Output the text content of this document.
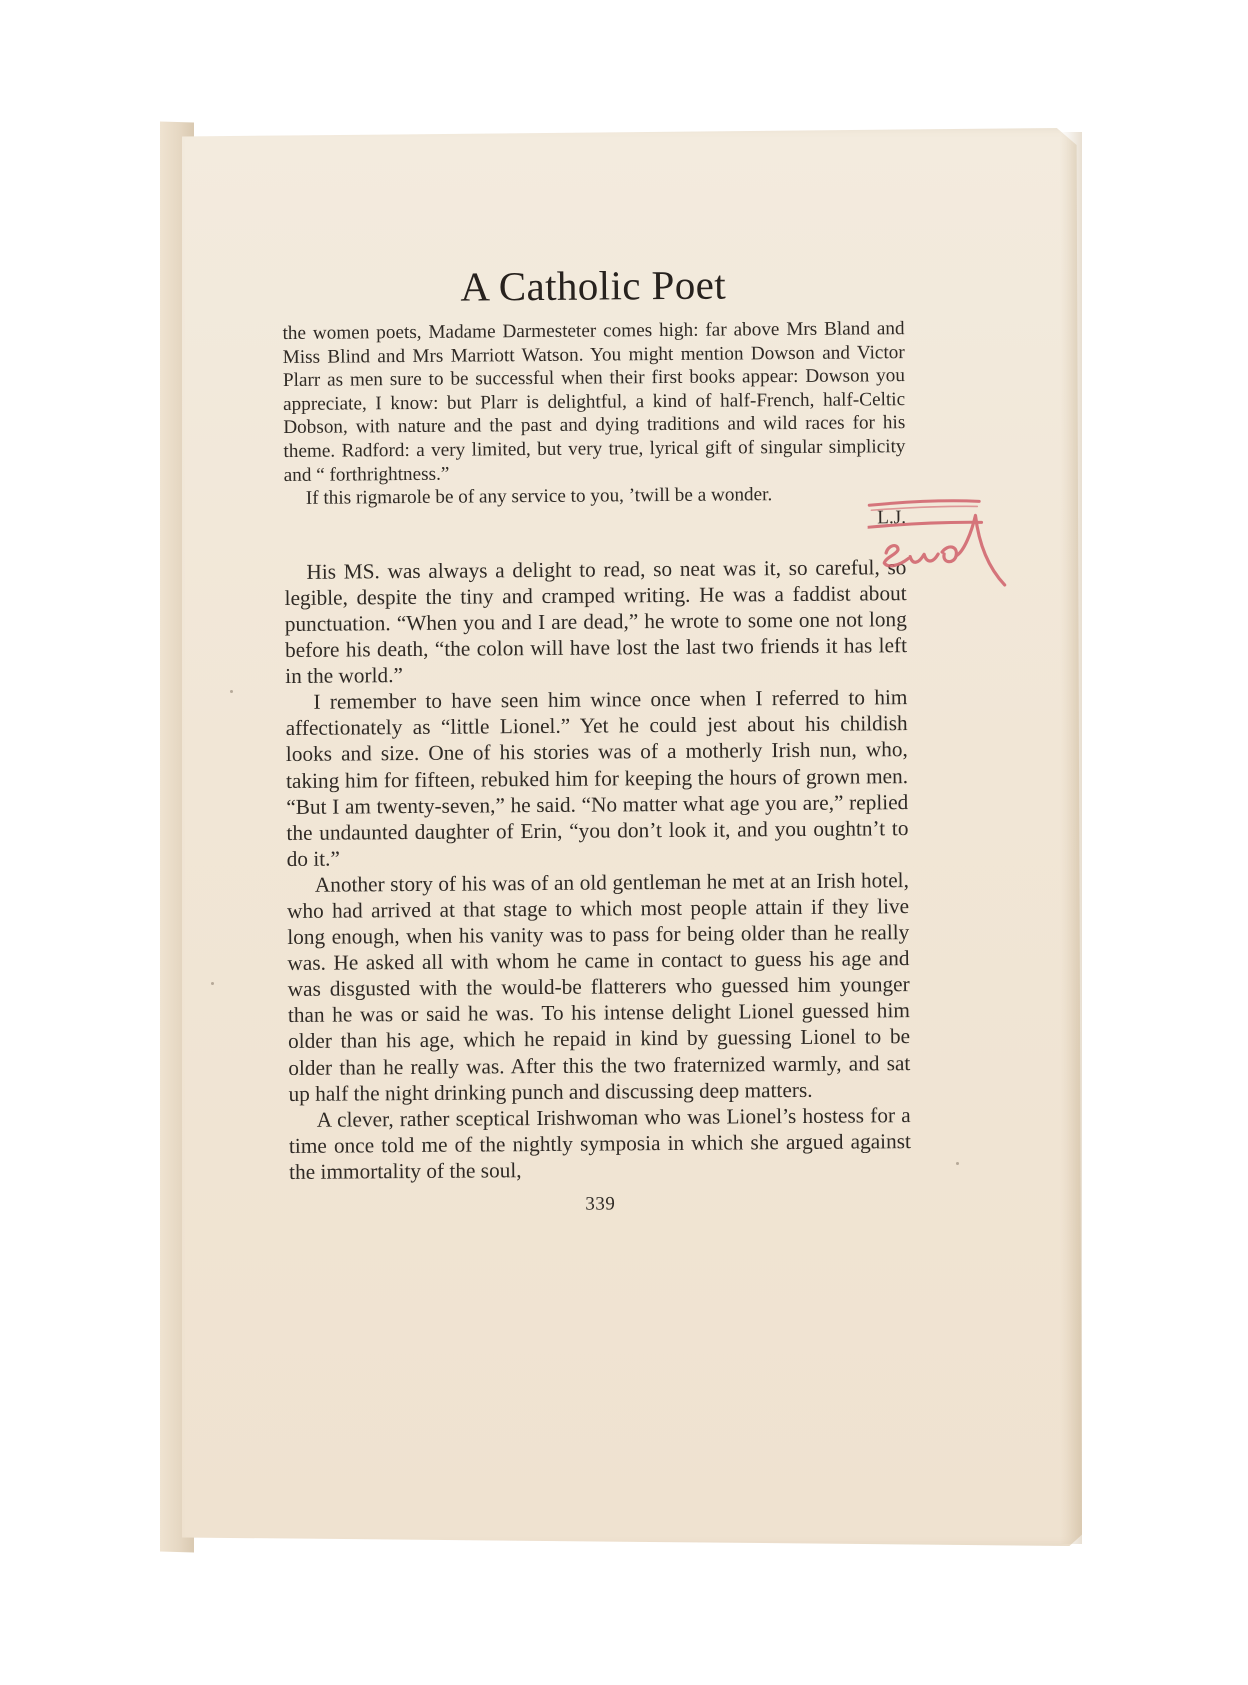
A Catholic Poet

the women poets, Madame Darmesteter comes high: far above Mrs Bland and Miss Blind and Mrs Marriott Watson. You might mention Dowson and Victor Plarr as men sure to be successful when their first books appear: Dowson you appreciate, I know: but Plarr is delightful, a kind of half-French, half-Celtic Dobson, with nature and the past and dying traditions and wild races for his theme. Radford: a very limited, but very true, lyrical gift of singular simplicity and “ forthrightness.”

If this rigmarole be of any service to you, ’twill be a wonder.

L.J.

His MS. was always a delight to read, so neat was it, so careful, so legible, despite the tiny and cramped writing. He was a faddist about punctuation. “When you and I are dead,” he wrote to some one not long before his death, “the colon will have lost the last two friends it has left in the world.”

I remember to have seen him wince once when I referred to him affectionately as “little Lionel.” Yet he could jest about his childish looks and size. One of his stories was of a motherly Irish nun, who, taking him for fifteen, rebuked him for keeping the hours of grown men. “But I am twenty-seven,” he said. “No matter what age you are,” replied the undaunted daughter of Erin, “you don’t look it, and you oughtn’t to do it.”

Another story of his was of an old gentleman he met at an Irish hotel, who had arrived at that stage to which most people attain if they live long enough, when his vanity was to pass for being older than he really was. He asked all with whom he came in contact to guess his age and was disgusted with the would-be flatterers who guessed him younger than he was or said he was. To his intense delight Lionel guessed him older than his age, which he repaid in kind by guessing Lionel to be older than he really was. After this the two fraternized warmly, and sat up half the night drinking punch and discussing deep matters.

A clever, rather sceptical Irishwoman who was Lionel’s hostess for a time once told me of the nightly symposia in which she argued against the immortality of the soul,

339
